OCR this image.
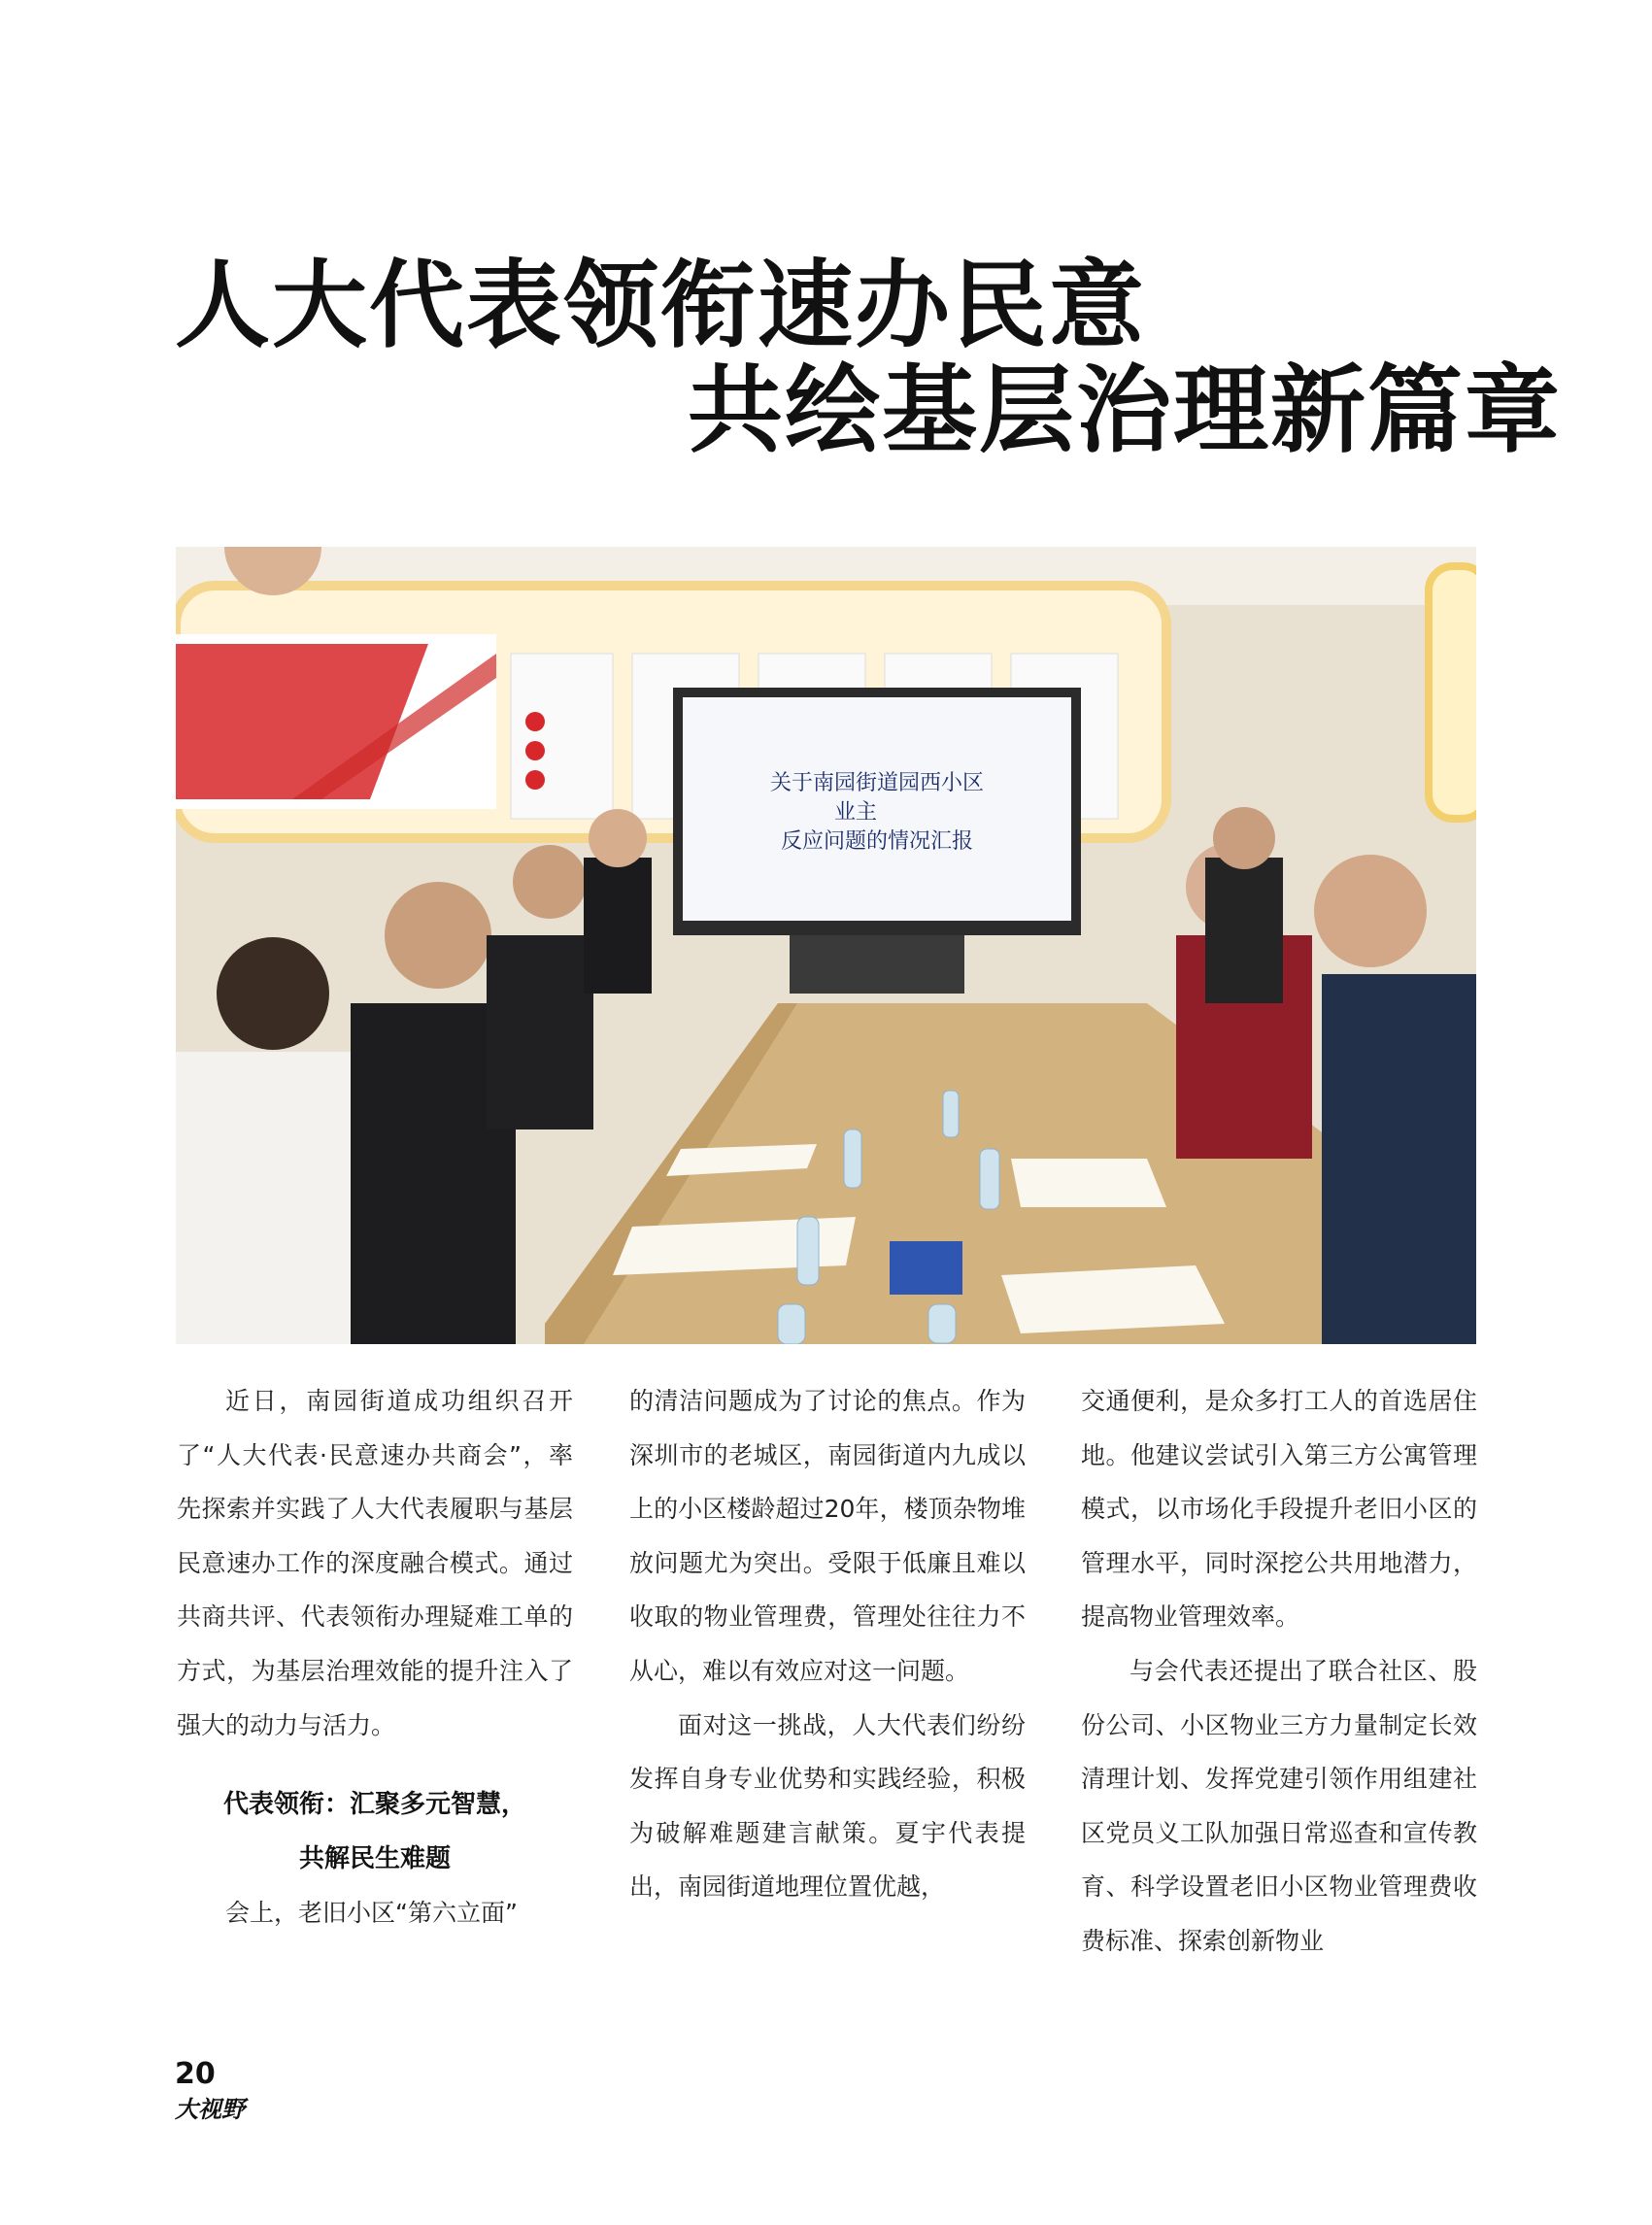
人大代表领衔速办民意
共绘基层治理新篇章
关于南园街道园西小区
业主
反应问题的情况汇报

近日，南园街道成功组织召开了“人大代表·民意速办共商会”，率先探索并实践了人大代表履职与基层民意速办工作的深度融合模式。通过共商共评、代表领衔办理疑难工单的方式，为基层治理效能的提升注入了强大的动力与活力。

代表领衔：汇聚多元智慧，

共解民生难题

会上，老旧小区“第六立面”

的清洁问题成为了讨论的焦点。作为深圳市的老城区，南园街道内九成以上的小区楼龄超过20年，楼顶杂物堆放问题尤为突出。受限于低廉且难以收取的物业管理费，管理处往往力不从心，难以有效应对这一问题。

面对这一挑战，人大代表们纷纷发挥自身专业优势和实践经验，积极为破解难题建言献策。夏宇代表提出，南园街道地理位置优越，

交通便利，是众多打工人的首选居住地。他建议尝试引入第三方公寓管理模式，以市场化手段提升老旧小区的管理水平，同时深挖公共用地潜力，提高物业管理效率。

与会代表还提出了联合社区、股份公司、小区物业三方力量制定长效清理计划、发挥党建引领作用组建社区党员义工队加强日常巡查和宣传教育、科学设置老旧小区物业管理费收费标准、探索创新物业

20
大视野
